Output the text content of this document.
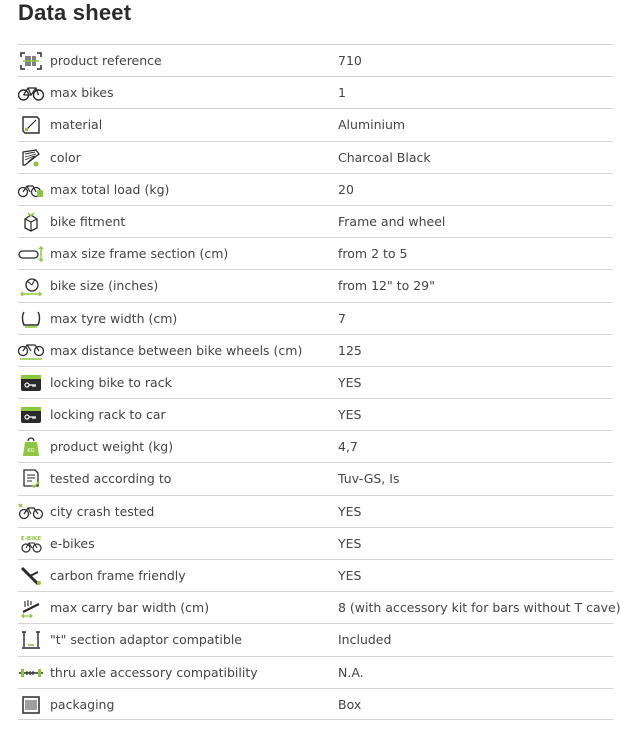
Data sheet
product reference	710
max bikes	1
material	Aluminium
color	Charcoal Black
max total load (kg)	20
bike fitment	Frame and wheel
max size frame section (cm)	from 2 to 5
bike size (inches)	from 12" to 29"
max tyre width (cm)	7
max distance between bike wheels (cm)	125
locking bike to rack	YES
locking rack to car	YES
KG product weight (kg)	4,7
tested according to	Tuv-GS, Is
city crash tested	YES
E-BIKE e-bikes	YES
carbon frame friendly	YES
max carry bar width (cm)	8 (with accessory kit for bars without T cave)
"t" section adaptor compatible	Included
thru axle accessory compatibility	N.A.
packaging	Box
